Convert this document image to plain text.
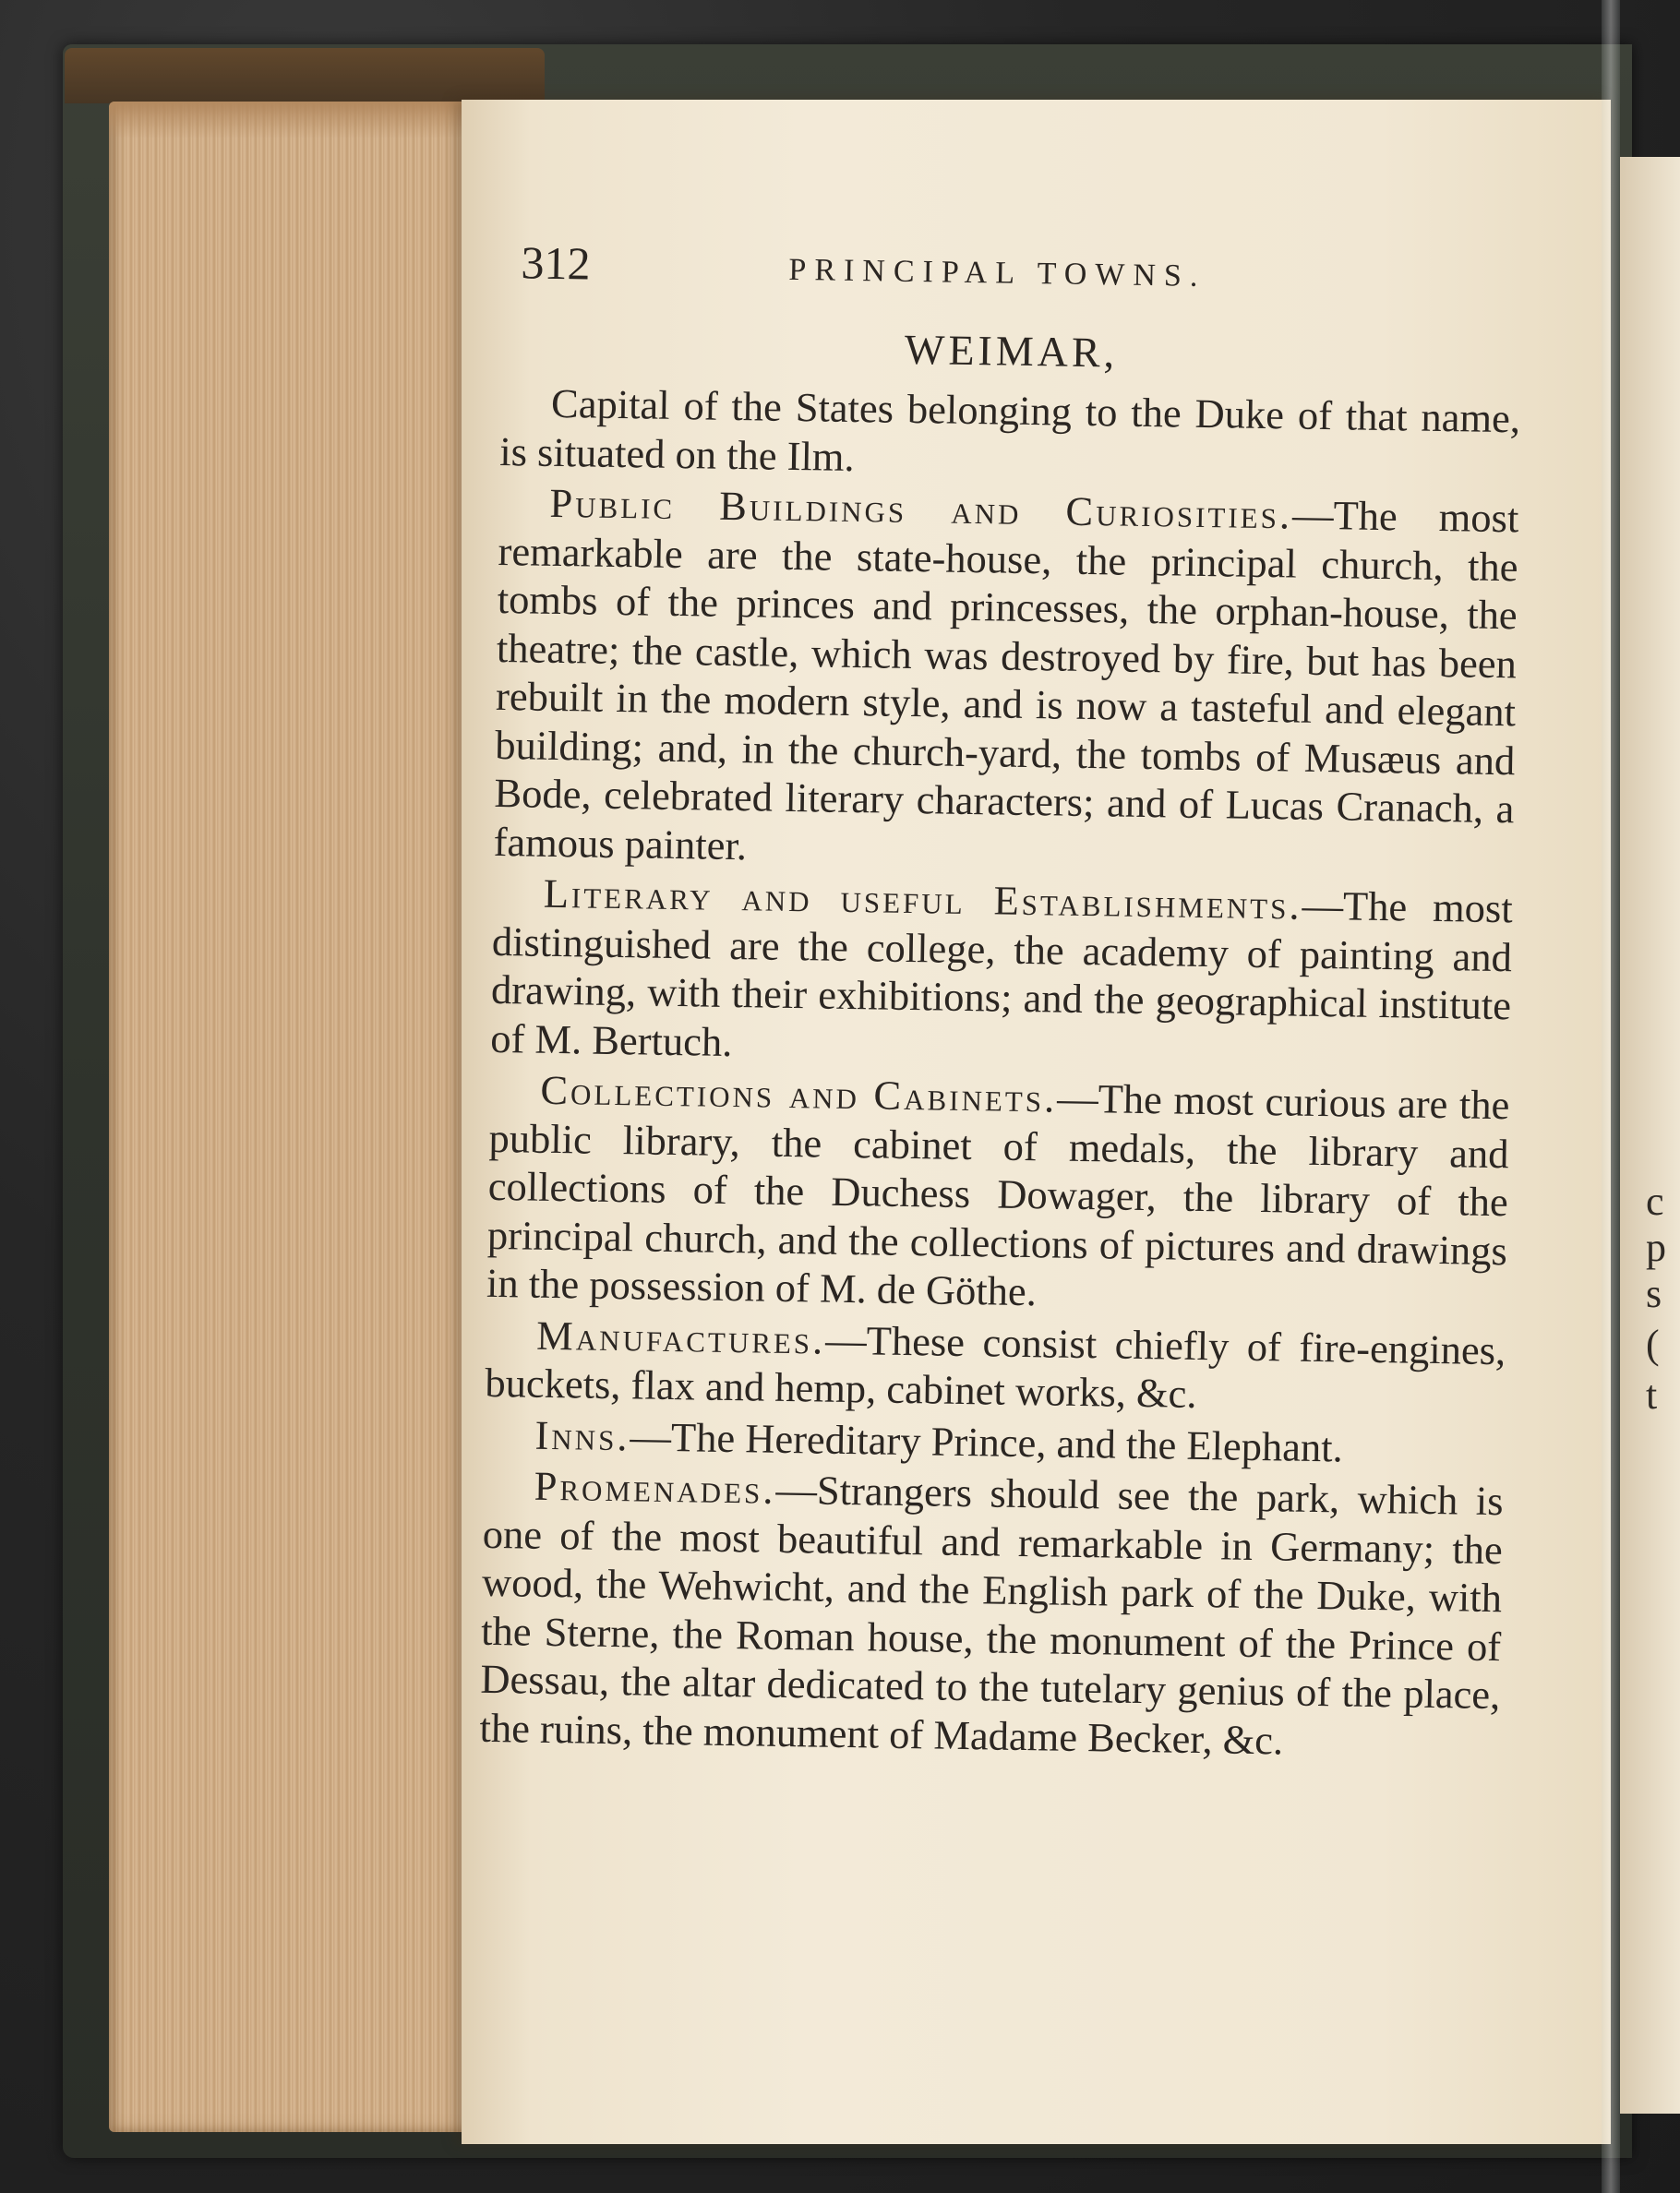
c
p
s
(
t
312	PRINCIPAL TOWNS.
WEIMAR,

Capital of the States belonging to the Duke of that name, is situated on the Ilm.

Public Buildings and Curiosities.—The most remarkable are the state-house, the principal church, the tombs of the princes and princesses, the orphan-house, the theatre; the castle, which was destroyed by fire, but has been rebuilt in the modern style, and is now a tasteful and elegant building; and, in the church-yard, the tombs of Musæus and Bode, celebrated literary characters; and of Lucas Cranach, a famous painter.

Literary and useful Establishments.—The most distinguished are the college, the academy of painting and drawing, with their exhibitions; and the geographical institute of M. Bertuch.

Collections and Cabinets.—The most curious are the public library, the cabinet of medals, the library and collections of the Duchess Dowager, the library of the principal church, and the collections of pictures and drawings in the possession of M. de Göthe.

Manufactures.—These consist chiefly of fire-engines, buckets, flax and hemp, cabinet works, &c.

Inns.—The Hereditary Prince, and the Elephant.

Promenades.—Strangers should see the park, which is one of the most beautiful and remarkable in Germany; the wood, the Wehwicht, and the English park of the Duke, with the Sterne, the Roman house, the monument of the Prince of Dessau, the altar dedicated to the tutelary genius of the place, the ruins, the monument of Madame Becker, &c.
